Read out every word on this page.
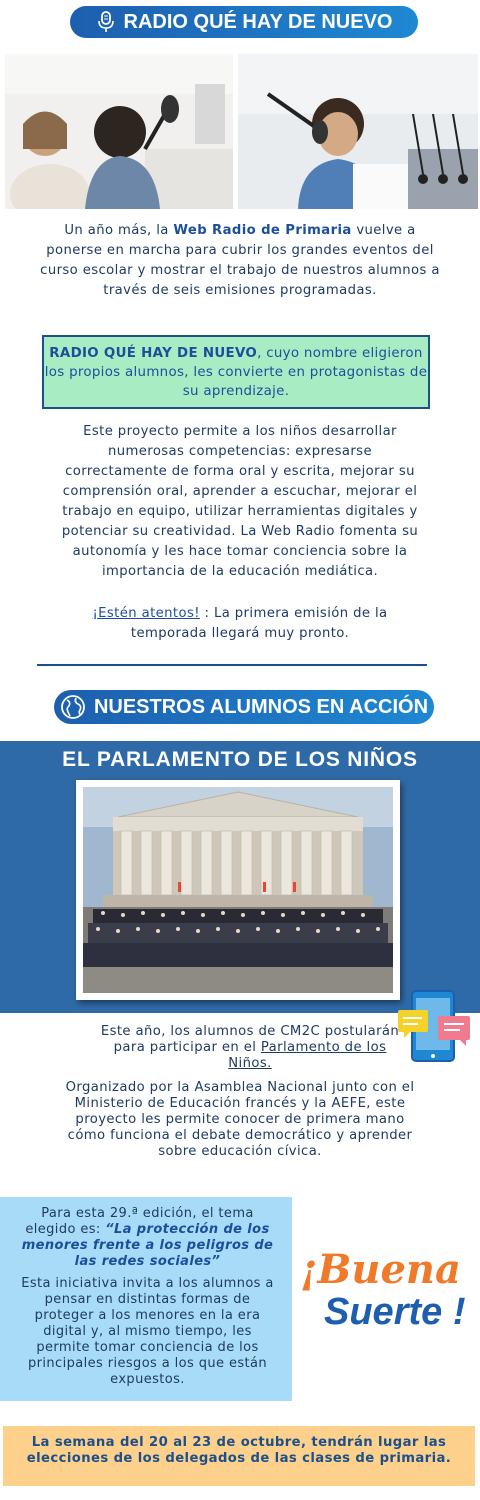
RADIO QUÉ HAY DE NUEVO
Un año más, la Web Radio de Primaria vuelve a ponerse en marcha para cubrir los grandes eventos del curso escolar y mostrar el trabajo de nuestros alumnos a través de seis emisiones programadas.
RADIO QUÉ HAY DE NUEVO, cuyo nombre eligieron los propios alumnos, les convierte en protagonistas de su aprendizaje.
Este proyecto permite a los niños desarrollar numerosas competencias: expresarse correctamente de forma oral y escrita, mejorar su comprensión oral, aprender a escuchar, mejorar el trabajo en equipo, utilizar herramientas digitales y potenciar su creatividad. La Web Radio fomenta su autonomía y les hace tomar conciencia sobre la importancia de la educación mediática.
¡Estén atentos! : La primera emisión de la temporada llegará muy pronto.
NUESTROS ALUMNOS EN ACCIÓN
EL PARLAMENTO DE LOS NIÑOS
Este año, los alumnos de CM2C postularán para participar en el Parlamento de los Niños.
Organizado por la Asamblea Nacional junto con el Ministerio de Educación francés y la AEFE, este proyecto les permite conocer de primera mano cómo funciona el debate democrático y aprender sobre educación cívica.
Para esta 29.ª edición, el tema elegido es: “La protección de los menores frente a los peligros de las redes sociales”
Esta iniciativa invita a los alumnos a pensar en distintas formas de proteger a los menores en la era digital y, al mismo tiempo, les permite tomar conciencia de los principales riesgos a los que están expuestos.
¡Buena
Suerte !
La semana del 20 al 23 de octubre, tendrán lugar las elecciones de los delegados de las clases de primaria.
